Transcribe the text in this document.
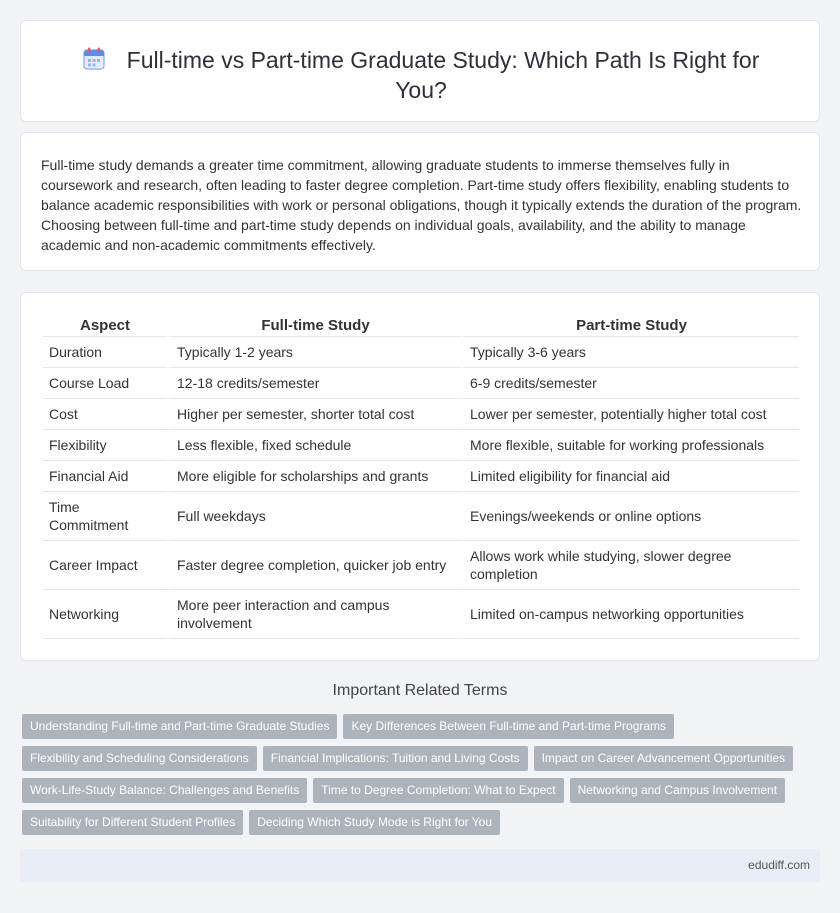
Full-time vs Part-time Graduate Study: Which Path Is Right for You?

Full-time study demands a greater time commitment, allowing graduate students to immerse themselves fully in coursework and research, often leading to faster degree completion. Part-time study offers flexibility, enabling students to balance academic responsibilities with work or personal obligations, though it typically extends the duration of the program. Choosing between full-time and part-time study depends on individual goals, availability, and the ability to manage academic and non-academic commitments effectively.

Aspect	Full-time Study	Part-time Study
Duration	Typically 1-2 years	Typically 3-6 years
Course Load	12-18 credits/semester	6-9 credits/semester
Cost	Higher per semester, shorter total cost	Lower per semester, potentially higher total cost
Flexibility	Less flexible, fixed schedule	More flexible, suitable for working professionals
Financial Aid	More eligible for scholarships and grants	Limited eligibility for financial aid
Time Commitment	Full weekdays	Evenings/weekends or online options
Career Impact	Faster degree completion, quicker job entry	Allows work while studying, slower degree completion
Networking	More peer interaction and campus involvement	Limited on-campus networking opportunities
Important Related Terms
Understanding Full-time and Part-time Graduate Studies Key Differences Between Full-time and Part-time Programs
Flexibility and Scheduling Considerations Financial Implications: Tuition and Living Costs Impact on Career Advancement Opportunities
Work-Life-Study Balance: Challenges and Benefits Time to Degree Completion: What to Expect Networking and Campus Involvement
Suitability for Different Student Profiles Deciding Which Study Mode is Right for You
edudiff.com
